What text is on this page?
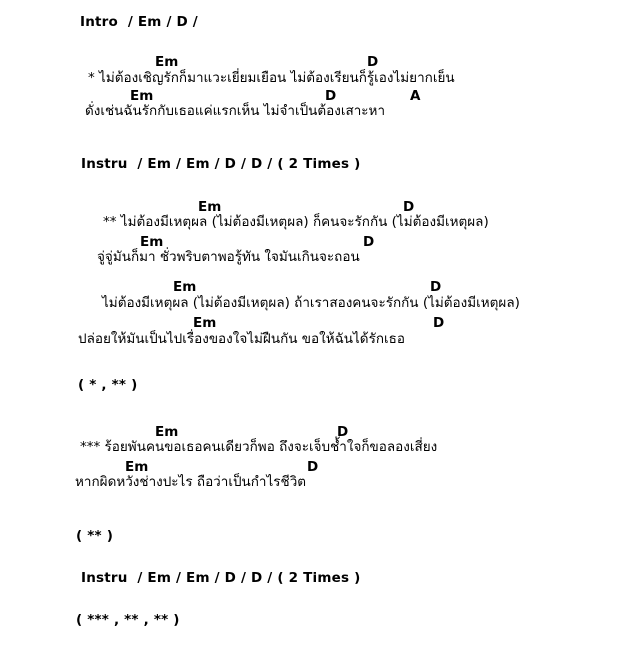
Intro  / Em / D /
Em	D
* ไม่ต้องเชิญรักก็มาแวะเยี่ยมเยือน ไม่ต้องเรียนก็รู้เองไม่ยากเย็น
Em	D	A
ดั่งเช่นฉันรักกับเธอแค่แรกเห็น ไม่จำเป็นต้องเสาะหา
Instru  / Em / Em / D / D / ( 2 Times )
Em	D
** ไม่ต้องมีเหตุผล (ไม่ต้องมีเหตุผล) ก็คนจะรักกัน (ไม่ต้องมีเหตุผล)
Em	D
จู่จู่มันก็มา ชั่วพริบตาพอรู้ทัน ใจมันเกินจะถอน
Em	D
ไม่ต้องมีเหตุผล (ไม่ต้องมีเหตุผล) ถ้าเราสองคนจะรักกัน (ไม่ต้องมีเหตุผล)
Em	D
ปล่อยให้มันเป็นไปเรื่องของใจไม่ฝืนกัน ขอให้ฉันได้รักเธอ
( * , ** )
Em	D
*** ร้อยพันคนขอเธอคนเดียวก็พอ ถึงจะเจ็บช้ำใจก็ขอลองเสี่ยง
Em	D
หากผิดหวังช่างปะไร ถือว่าเป็นกำไรชีวิต
( ** )
Instru  / Em / Em / D / D / ( 2 Times )
( *** , ** , ** )
